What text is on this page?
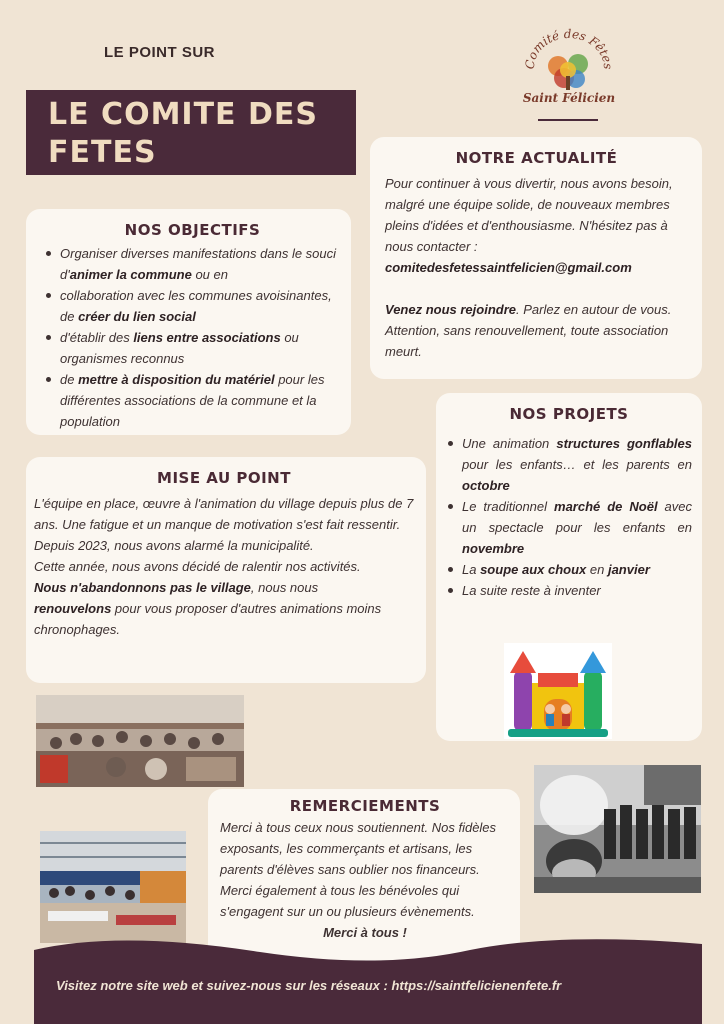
LE POINT SUR
LE COMITE DES
FETES
Comité des Fêtes
Saint Félicien
NOTRE ACTUALITÉ
Pour continuer à vous divertir, nous avons besoin, malgré une équipe solide, de nouveaux membres pleins d'idées et d'enthousiasme. N'hésitez pas à nous contacter :
comitedesfetessaintfelicien@gmail.com

Venez nous rejoindre. Parlez en autour de vous. Attention, sans renouvellement, toute association meurt.
NOS OBJECTIFS
Organiser diverses manifestations dans le souci d'animer la commune ou en
collaboration avec les communes avoisinantes, de créer du lien social
d'établir des liens entre associations ou organismes reconnus
de mettre à disposition du matériel pour les différentes associations de la commune et la population	NOS PROJETS
Une animation structures gonflables pour les enfants… et les parents en octobre
Le traditionnel marché de Noël avec un spectacle pour les enfants en novembre
La soupe aux choux en janvier
La suite reste à inventer
MISE AU POINT
L'équipe en place, œuvre à l'animation du village depuis plus de 7 ans. Une fatigue et un manque de motivation s'est fait ressentir.
Depuis 2023, nous avons alarmé la municipalité.
Cette année, nous avons décidé de ralentir nos activités.
Nous n'abandonnons pas le village, nous nous
renouvelons pour vous proposer d'autres animations moins chronophages.
REMERCIEMENTS
Merci à tous ceux nous soutiennent. Nos fidèles exposants, les commerçants et artisans, les parents d'élèves sans oublier nos financeurs. Merci également à tous les bénévoles qui s'engagent sur un ou plusieurs évènements.
Merci à tous !
Visitez notre site web et suivez-nous sur les réseaux : https://saintfelicienenfete.fr
